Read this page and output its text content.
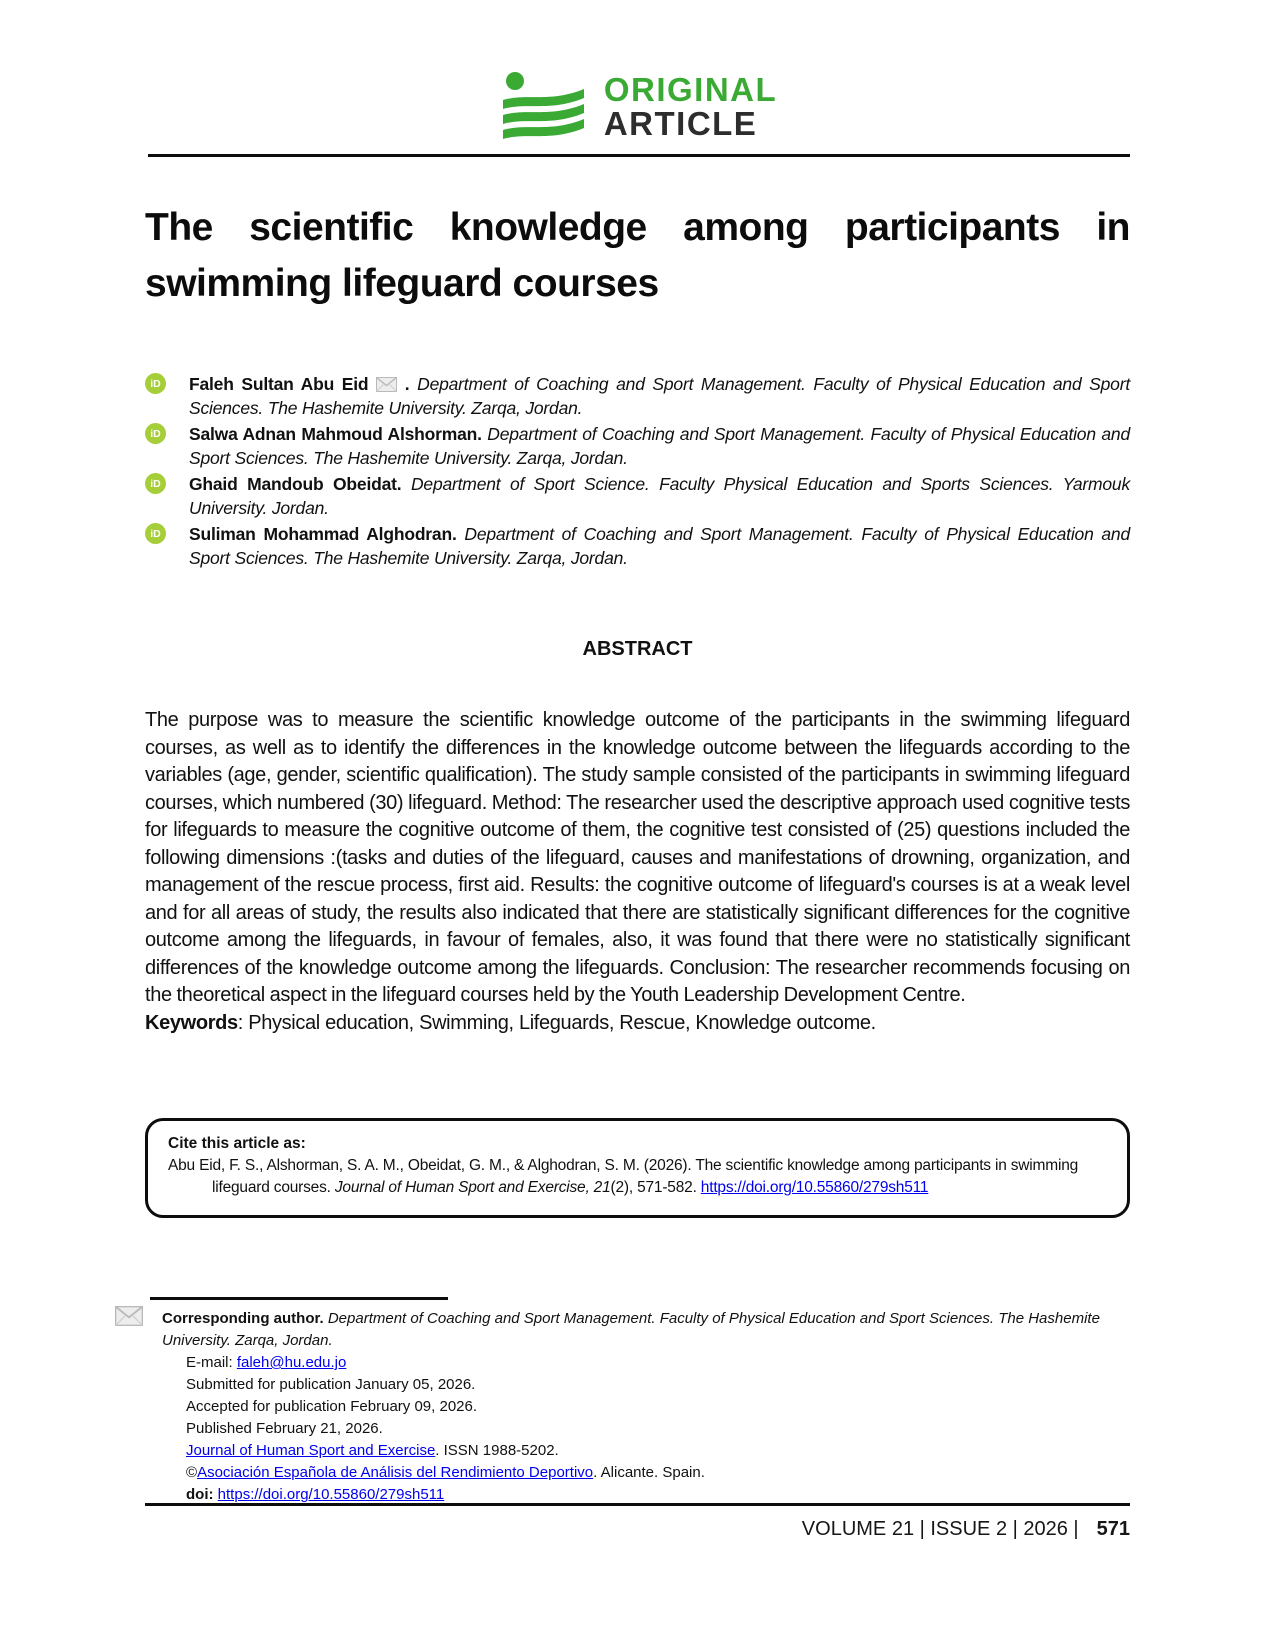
ORIGINAL
ARTICLE
The scientific knowledge among participants in swimming lifeguard courses
iD	Faleh Sultan Abu Eid . Department of Coaching and Sport Management. Faculty of Physical Education and Sport Sciences. The Hashemite University. Zarqa, Jordan.

iD	Salwa Adnan Mahmoud Alshorman. Department of Coaching and Sport Management. Faculty of Physical Education and Sport Sciences. The Hashemite University. Zarqa, Jordan.

iD	Ghaid Mandoub Obeidat. Department of Sport Science. Faculty Physical Education and Sports Sciences. Yarmouk University. Jordan.

iD	Suliman Mohammad Alghodran. Department of Coaching and Sport Management. Faculty of Physical Education and Sport Sciences. The Hashemite University. Zarqa, Jordan.

ABSTRACT

The purpose was to measure the scientific knowledge outcome of the participants in the swimming lifeguard courses, as well as to identify the differences in the knowledge outcome between the lifeguards according to the variables (age, gender, scientific qualification). The study sample consisted of the participants in swimming lifeguard courses, which numbered (30) lifeguard. Method: The researcher used the descriptive approach used cognitive tests for lifeguards to measure the cognitive outcome of them, the cognitive test consisted of (25) questions included the following dimensions :(tasks and duties of the lifeguard, causes and manifestations of drowning, organization, and management of the rescue process, first aid. Results: the cognitive outcome of lifeguard's courses is at a weak level and for all areas of study, the results also indicated that there are statistically significant differences for the cognitive outcome among the lifeguards, in favour of females, also, it was found that there were no statistically significant differences of the knowledge outcome among the lifeguards. Conclusion: The researcher recommends focusing on the theoretical aspect in the lifeguard courses held by the Youth Leadership Development Centre.

Keywords: Physical education, Swimming, Lifeguards, Rescue, Knowledge outcome.

Cite this article as:

Abu Eid, F. S., Alshorman, S. A. M., Obeidat, G. M., & Alghodran, S. M. (2026). The scientific knowledge among participants in swimming lifeguard courses. Journal of Human Sport and Exercise, 21(2), 571-582. https://doi.org/10.55860/279sh511

Corresponding author. Department of Coaching and Sport Management. Faculty of Physical Education and Sport Sciences. The Hashemite University. Zarqa, Jordan.

E-mail: faleh@hu.edu.jo

Submitted for publication January 05, 2026.

Accepted for publication February 09, 2026.

Published February 21, 2026.

Journal of Human Sport and Exercise. ISSN 1988-5202.

©Asociación Española de Análisis del Rendimiento Deportivo. Alicante. Spain.

doi: https://doi.org/10.55860/279sh511

VOLUME 21 | ISSUE 2 | 2026 | 571
